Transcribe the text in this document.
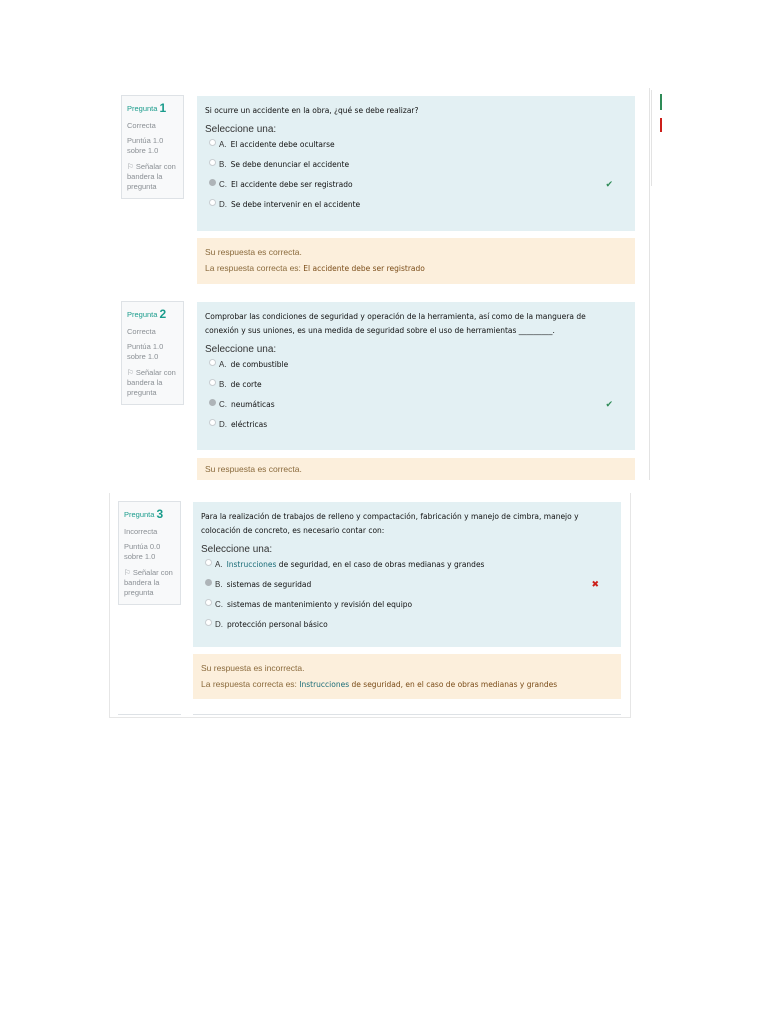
Pregunta 1
Correcta
Puntúa 1.0 sobre 1.0
⚐ Señalar con bandera la pregunta
Si ocurre un accidente en la obra, ¿qué se debe realizar?
Seleccione una:
A. El accidente debe ocultarse
B. Se debe denunciar el accidente
C. El accidente debe ser registrado	✔
D. Se debe intervenir en el accidente
Su respuesta es correcta.
La respuesta correcta es: El accidente debe ser registrado
Pregunta 2
Correcta
Puntúa 1.0 sobre 1.0
⚐ Señalar con bandera la pregunta
Comprobar las condiciones de seguridad y operación de la herramienta, así como de la manguera de
conexión y sus uniones, es una medida de seguridad sobre el uso de herramientas _________.
Seleccione una:
A. de combustible
B. de corte
C. neumáticas	✔
D. eléctricas
Su respuesta es correcta.
Pregunta 3
Incorrecta
Puntúa 0.0 sobre 1.0
⚐ Señalar con bandera la pregunta
Para la realización de trabajos de relleno y compactación, fabricación y manejo de cimbra, manejo y
colocación de concreto, es necesario contar con:
Seleccione una:
A. Instrucciones de seguridad, en el caso de obras medianas y grandes
B. sistemas de seguridad	✖
C. sistemas de mantenimiento y revisión del equipo
D. protección personal básico
Su respuesta es incorrecta.
La respuesta correcta es: Instrucciones de seguridad, en el caso de obras medianas y grandes
